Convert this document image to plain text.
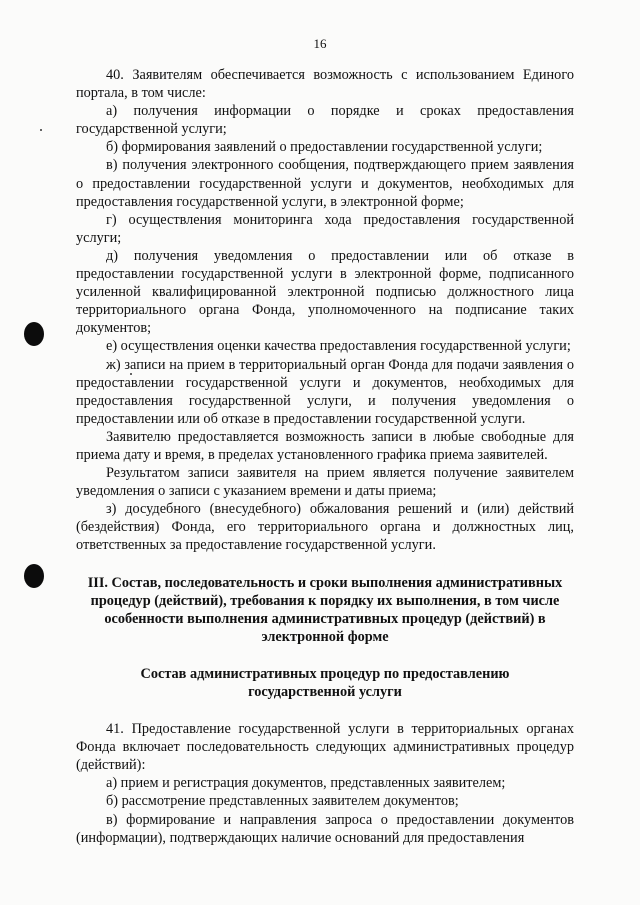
16

40. Заявителям обеспечивается возможность с использованием Единого портала, в том числе:

а) получения информации о порядке и сроках предоставления государственной услуги;

б) формирования заявлений о предоставлении государственной услуги;

в) получения электронного сообщения, подтверждающего прием заявления о предоставлении государственной услуги и документов, необходимых для предоставления государственной услуги, в электронной форме;

г) осуществления мониторинга хода предоставления государственной услуги;

д) получения уведомления о предоставлении или об отказе в предоставлении государственной услуги в электронной форме, подписанного усиленной квалифицированной электронной подписью должностного лица территориального органа Фонда, уполномоченного на подписание таких документов;

е) осуществления оценки качества предоставления государственной услуги;

ж) записи на прием в территориальный орган Фонда для подачи заявления о предоставлении государственной услуги и документов, необходимых для предоставления государственной услуги, и получения уведомления о предоставлении или об отказе в предоставлении государственной услуги.

Заявителю предоставляется возможность записи в любые свободные для приема дату и время, в пределах установленного графика приема заявителей.

Результатом записи заявителя на прием является получение заявителем уведомления о записи с указанием времени и даты приема;

з) досудебного (внесудебного) обжалования решений и (или) действий (бездействия) Фонда, его территориального органа и должностных лиц, ответственных за предоставление государственной услуги.

III. Состав, последовательность и сроки выполнения административных процедур (действий), требования к порядку их выполнения, в том числе особенности выполнения административных процедур (действий) в электронной форме

Состав административных процедур по предоставлению государственной услуги

41. Предоставление государственной услуги в территориальных органах Фонда включает последовательность следующих административных процедур (действий):

а) прием и регистрация документов, представленных заявителем;

б) рассмотрение представленных заявителем документов;

в) формирование и направления запроса о предоставлении документов (информации), подтверждающих наличие оснований для предоставления
